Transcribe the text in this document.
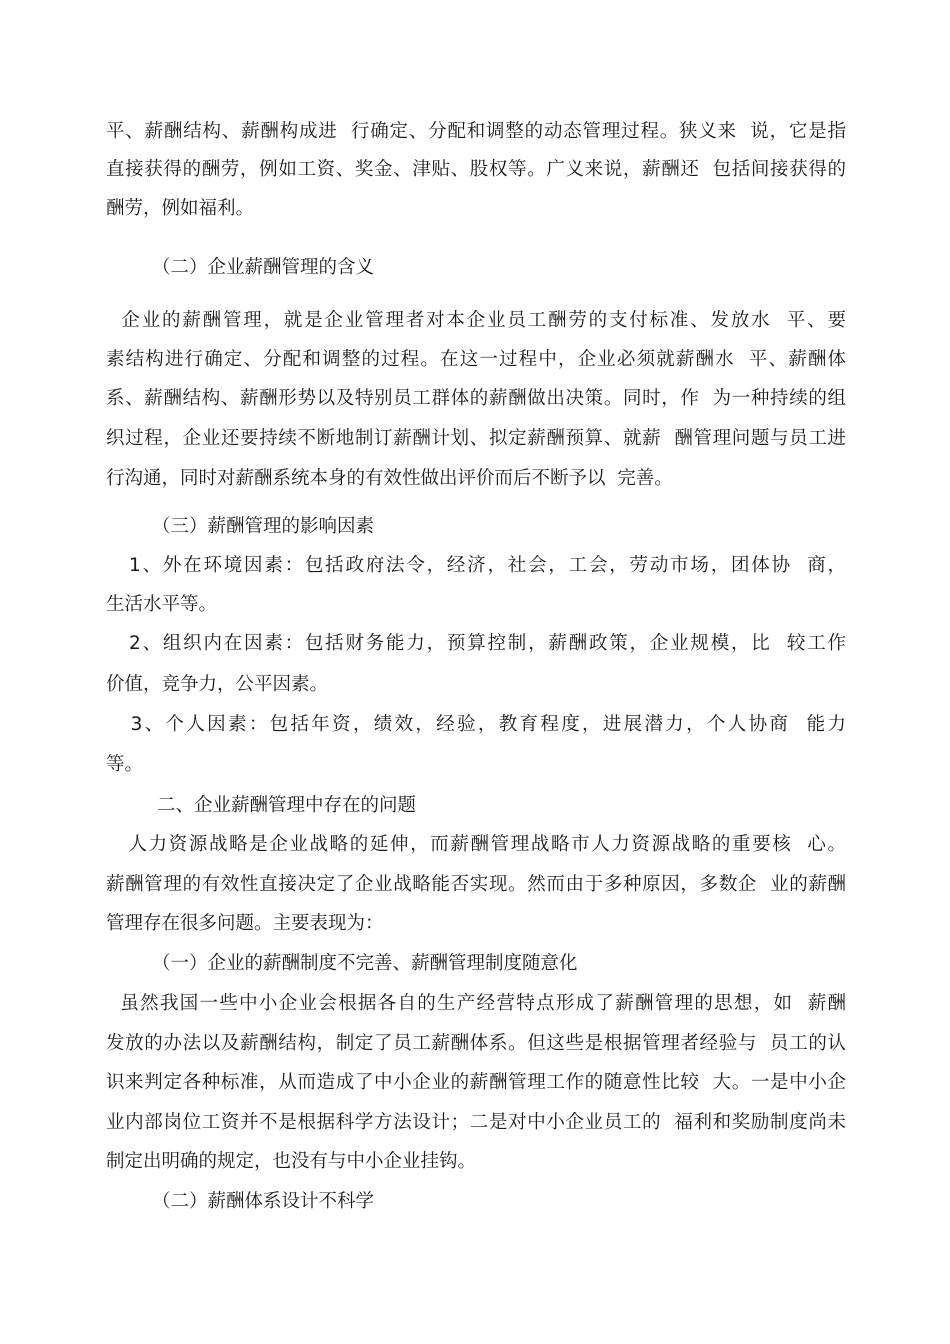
平、薪酬结构、薪酬构成进  行确定、分配和调整的动态管理过程。狭义来  说，它是指
直接获得的酬劳，例如工资、奖金、津贴、股权等。广义来说，薪酬还  包括间接获得的
酬劳，例如福利。
（二）企业薪酬管理的含义
企业的薪酬管理，就是企业管理者对本企业员工酬劳的支付标准、发放水  平、要
素结构进行确定、分配和调整的过程。在这一过程中，企业必须就薪酬水  平、薪酬体
系、薪酬结构、薪酬形势以及特别员工群体的薪酬做出决策。同时，作  为一种持续的组
织过程，企业还要持续不断地制订薪酬计划、拟定薪酬预算、就薪  酬管理问题与员工进
行沟通，同时对薪酬系统本身的有效性做出评价而后不断予以  完善。
（三）薪酬管理的影响因素
1、外在环境因素：包括政府法令，经济，社会，工会，劳动市场，团体协  商，
生活水平等。
2、组织内在因素：包括财务能力，预算控制，薪酬政策，企业规模，比  较工作
价值，竞争力，公平因素。
3、个人因素：包括年资，绩效，经验，教育程度，进展潜力，个人协商  能力
等。
二、企业薪酬管理中存在的问题
人力资源战略是企业战略的延伸，而薪酬管理战略市人力资源战略的重要核  心。
薪酬管理的有效性直接决定了企业战略能否实现。然而由于多种原因，多数企  业的薪酬
管理存在很多问题。主要表现为：
（一）企业的薪酬制度不完善、薪酬管理制度随意化
虽然我国一些中小企业会根据各自的生产经营特点形成了薪酬管理的思想，如  薪酬
发放的办法以及薪酬结构，制定了员工薪酬体系。但这些是根据管理者经验与  员工的认
识来判定各种标准，从而造成了中小企业的薪酬管理工作的随意性比较  大。一是中小企
业内部岗位工资并不是根据科学方法设计；二是对中小企业员工的  福利和奖励制度尚未
制定出明确的规定，也没有与中小企业挂钩。
（二）薪酬体系设计不科学
